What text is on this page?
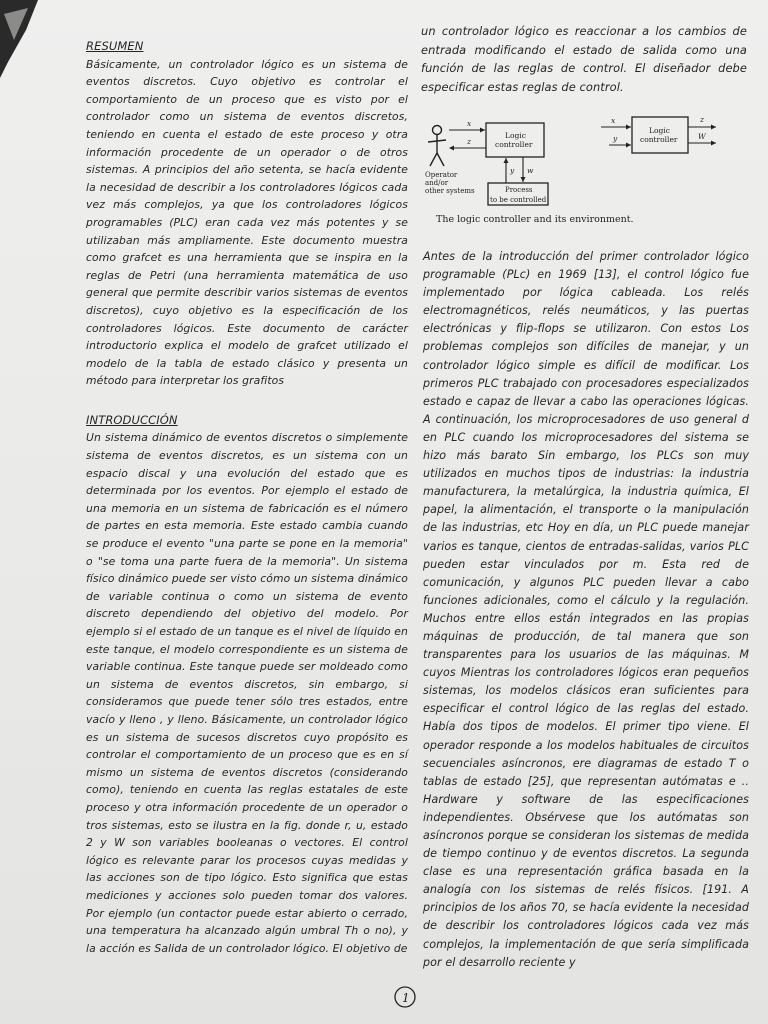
RESUMEN

Básicamente, un controlador lógico es un sistema de eventos discretos. Cuyo objetivo es controlar el comportamiento de un proceso que es visto por el controlador como un sistema de eventos discretos, teniendo en cuenta el estado de este proceso y otra información procedente de un operador o de otros sistemas. A principios del año setenta, se hacía evidente la necesidad de describir a los controladores lógicos cada vez más complejos, ya que los controladores lógicos programables (PLC) eran cada vez más potentes y se utilizaban más ampliamente. Este documento muestra como grafcet es una herramienta que se inspira en la reglas de Petri (una herramienta matemática de uso general que permite describir varios sistemas de eventos discretos), cuyo objetivo es la especificación de los controladores lógicos. Este documento de carácter introductorio explica el modelo de grafcet utilizado el modelo de la tabla de estado clásico y presenta un método para interpretar los grafitos

INTRODUCCIÓN

Un sistema dinámico de eventos discretos o simplemente sistema de eventos discretos, es un sistema con un espacio discal y una evolución del estado que es determinada por los eventos. Por ejemplo el estado de una memoria en un sistema de fabricación es el número de partes en esta memoria. Este estado cambia cuando se produce el evento "una parte se pone en la memoria" o "se toma una parte fuera de la memoria". Un sistema físico dinámico puede ser visto cómo un sistema dinámico de variable continua o como un sistema de evento discreto dependiendo del objetivo del modelo. Por ejemplo si el estado de un tanque es el nivel de líquido en este tanque, el modelo correspondiente es un sistema de variable continua. Este tanque puede ser moldeado como un sistema de eventos discretos, sin embargo, si consideramos que puede tener sólo tres estados, entre vacío y lleno , y lleno. Básicamente, un controlador lógico es un sistema de sucesos discretos cuyo propósito es controlar el comportamiento de un proceso que es en sí mismo un sistema de eventos discretos (considerando como), teniendo en cuenta las reglas estatales de este proceso y otra información procedente de un operador o tros sistemas, esto se ilustra en la fig. donde r, u, estado 2 y W son variables booleanas o vectores. El control lógico es relevante parar los procesos cuyas medidas y las acciones son de tipo lógico. Esto significa que estas mediciones y acciones solo pueden tomar dos valores. Por ejemplo (un contactor puede estar abierto o cerrado, una temperatura ha alcanzado algún umbral Th o no), y la acción es Salida de un controlador lógico. El objetivo de

un controlador lógico es reaccionar a los cambios de entrada modificando el estado de salida como una función de las reglas de control. El diseñador debe especificar estas reglas de control.

Operator
and/or
other systems
Logic
controller
x
z
Process
to be controlled
y w
Logic
controller
x
y
z
W
The logic controller and its environment.

Antes de la introducción del primer controlador lógico programable (PLc) en 1969 [13], el control lógico fue implementado por lógica cableada. Los relés electromagnéticos, relés neumáticos, y las puertas electrónicas y flip-flops se utilizaron. Con estos Los problemas complejos son difíciles de manejar, y un controlador lógico simple es difícil de modificar. Los primeros PLC trabajado con procesadores especializados estado e capaz de llevar a cabo las operaciones lógicas. A continuación, los microprocesadores de uso general d en PLC cuando los microprocesadores del sistema se hizo más barato Sin embargo, los PLCs son muy utilizados en muchos tipos de industrias: la industria manufacturera, la metalúrgica, la industria química, El papel, la alimentación, el transporte o la manipulación de las industrias, etc Hoy en día, un PLC puede manejar varios es tanque, cientos de entradas-salidas, varios PLC pueden estar vinculados por m. Esta red de comunicación, y algunos PLC pueden llevar a cabo funciones adicionales, como el cálculo y la regulación. Muchos entre ellos están integrados en las propias máquinas de producción, de tal manera que son transparentes para los usuarios de las máquinas. M cuyos Mientras los controladores lógicos eran pequeños sistemas, los modelos clásicos eran suficientes para especificar el control lógico de las reglas del estado. Había dos tipos de modelos. El primer tipo viene. El operador responde a los modelos habituales de circuitos secuenciales asíncronos, ere diagramas de estado T o tablas de estado [25], que representan autómatas e .. Hardware y software de las especificaciones independientes. Obsérvese que los autómatas son asíncronos porque se consideran los sistemas de medida de tiempo continuo y de eventos discretos. La segunda clase es una representación gráfica basada en la analogía con los sistemas de relés físicos. [191. A principios de los años 70, se hacía evidente la necesidad de describir los controladores lógicos cada vez más complejos, la implementación de que sería simplificada por el desarrollo reciente y

1
